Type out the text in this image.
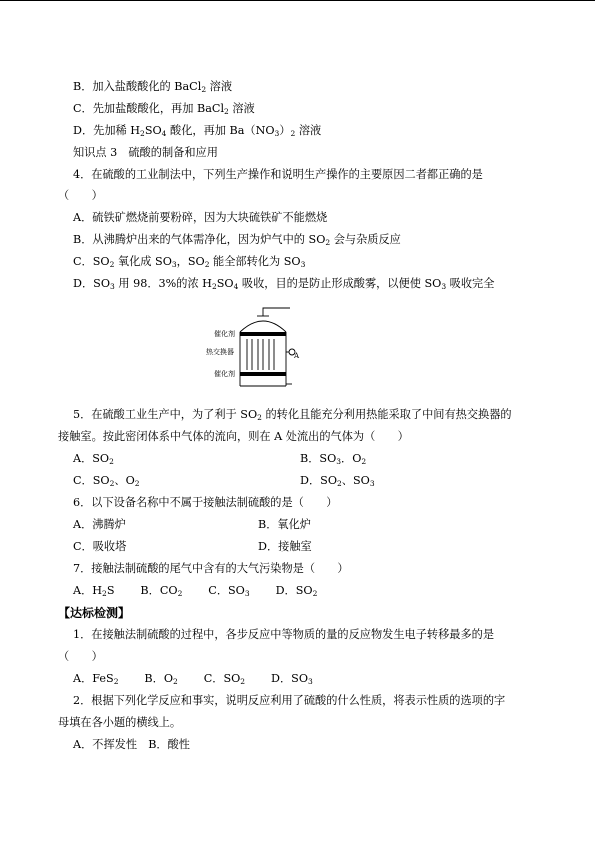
B．加入盐酸酸化的 BaCl$_2$ 溶液
C．先加盐酸酸化，再加 BaCl$_2$ 溶液
D．先加稀 $H_2SO_4$ 酸化，再加 $Ba(NO_3)_2$ 溶液
知识点 3　硫酸的制备和应用
4．在硫酸的工业制法中，下列生产操作和说明生产操作的主要原因二者都正确的是
（　　）
A．硫铁矿燃烧前要粉碎，因为大块硫铁矿不能燃烧
B．从沸腾炉出来的气体需净化，因为炉气中的 $SO_2$ 会与杂质反应
C．$SO_2$ 氧化成 $SO_3$，$SO_2$ 能全部转化为 $SO_3$
D．$SO_3$ 用 98．3%的浓 $H_2SO_4$ 吸收，目的是防止形成酸雾，以便使 $SO_3$ 吸收完全
催化剂
热交换器
催化剂
A
5．在硫酸工业生产中，为了利于 $SO_2$ 的转化且能充分利用热能采取了中间有热交换器的
接触室。按此密闭体系中气体的流向，则在 A 处流出的气体为（　　）
A．$SO_2$	B．$SO_3$．$O_2$
C．$SO_2$、$O_2$	D．$SO_2$、$SO_3$
6．以下设备名称中不属于接触法制硫酸的是（　　）
A．沸腾炉	B．氧化炉
C．吸收塔	D．接触室
7．接触法制硫酸的尾气中含有的大气污染物是（　　）
A．$H_2S$　　 B．$CO_2$　　 C．$SO_3$　　 D．$SO_2$
【达标检测】
1．在接触法制硫酸的过程中，各步反应中等物质的量的反应物发生电子转移最多的是
（　　）
A．FeS$_2$　　 B．$O_2$　　 C．$SO_2$　　 D．$SO_3$
2．根据下列化学反应和事实，说明反应利用了硫酸的什么性质，将表示性质的选项的字
母填在各小题的横线上。
A．不挥发性　B．酸性
